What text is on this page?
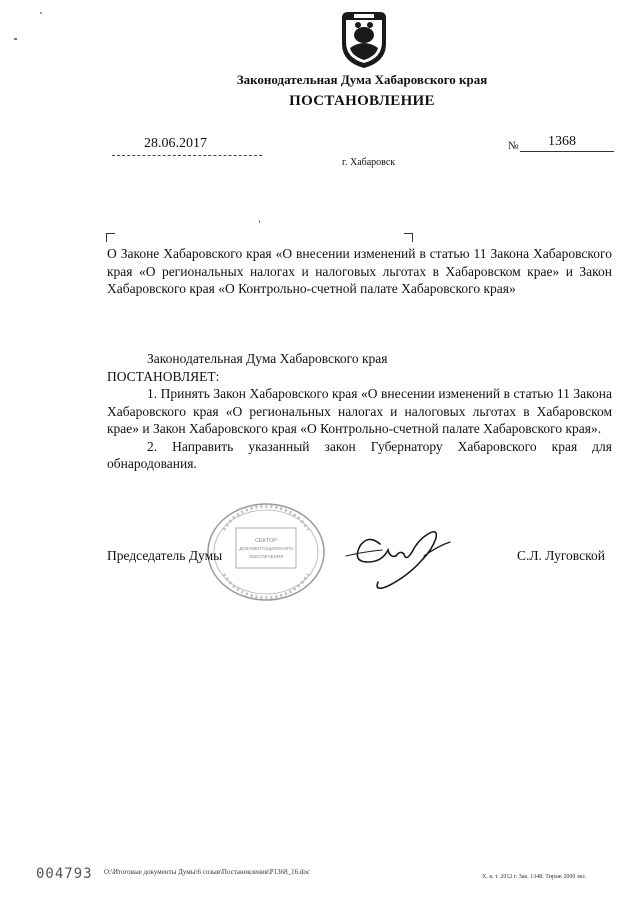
Законодательная Дума Хабаровского края
ПОСТАНОВЛЕНИЕ
28.06.2017	№ 1368
г. Хабаровск
’
О Законе Хабаровского края «О внесении изменений в статью 11 Закона Хабаровского края «О региональных налогах и налоговых льготах в Хабаровском крае» и Закон Хабаровского края «О Контрольно-счетной палате Хабаровского края»

Законодательная Дума Хабаровского края

ПОСТАНОВЛЯЕТ:

1. Принять Закон Хабаровского края «О внесении изменений в статью 11 Закона Хабаровского края «О региональных налогах и налоговых льготах в Хабаровском крае» и Закон Хабаровского края «О Контрольно-счетной палате Хабаровского края».

2. Направить указанный закон Губернатору Хабаровского края для обнародования.

СЕКТОР
ДОКУМЕНТАЦИОННОГО
ОБЕСПЕЧЕНИЯ
Председатель Думы	С.Л. Луговской
004793 O:\Итоговые документы Думы\6 созыв\Постановления\P1368_16.doc
Х. к. т. 2012 г. Зак. 1348. Тираж 2000 экз.
